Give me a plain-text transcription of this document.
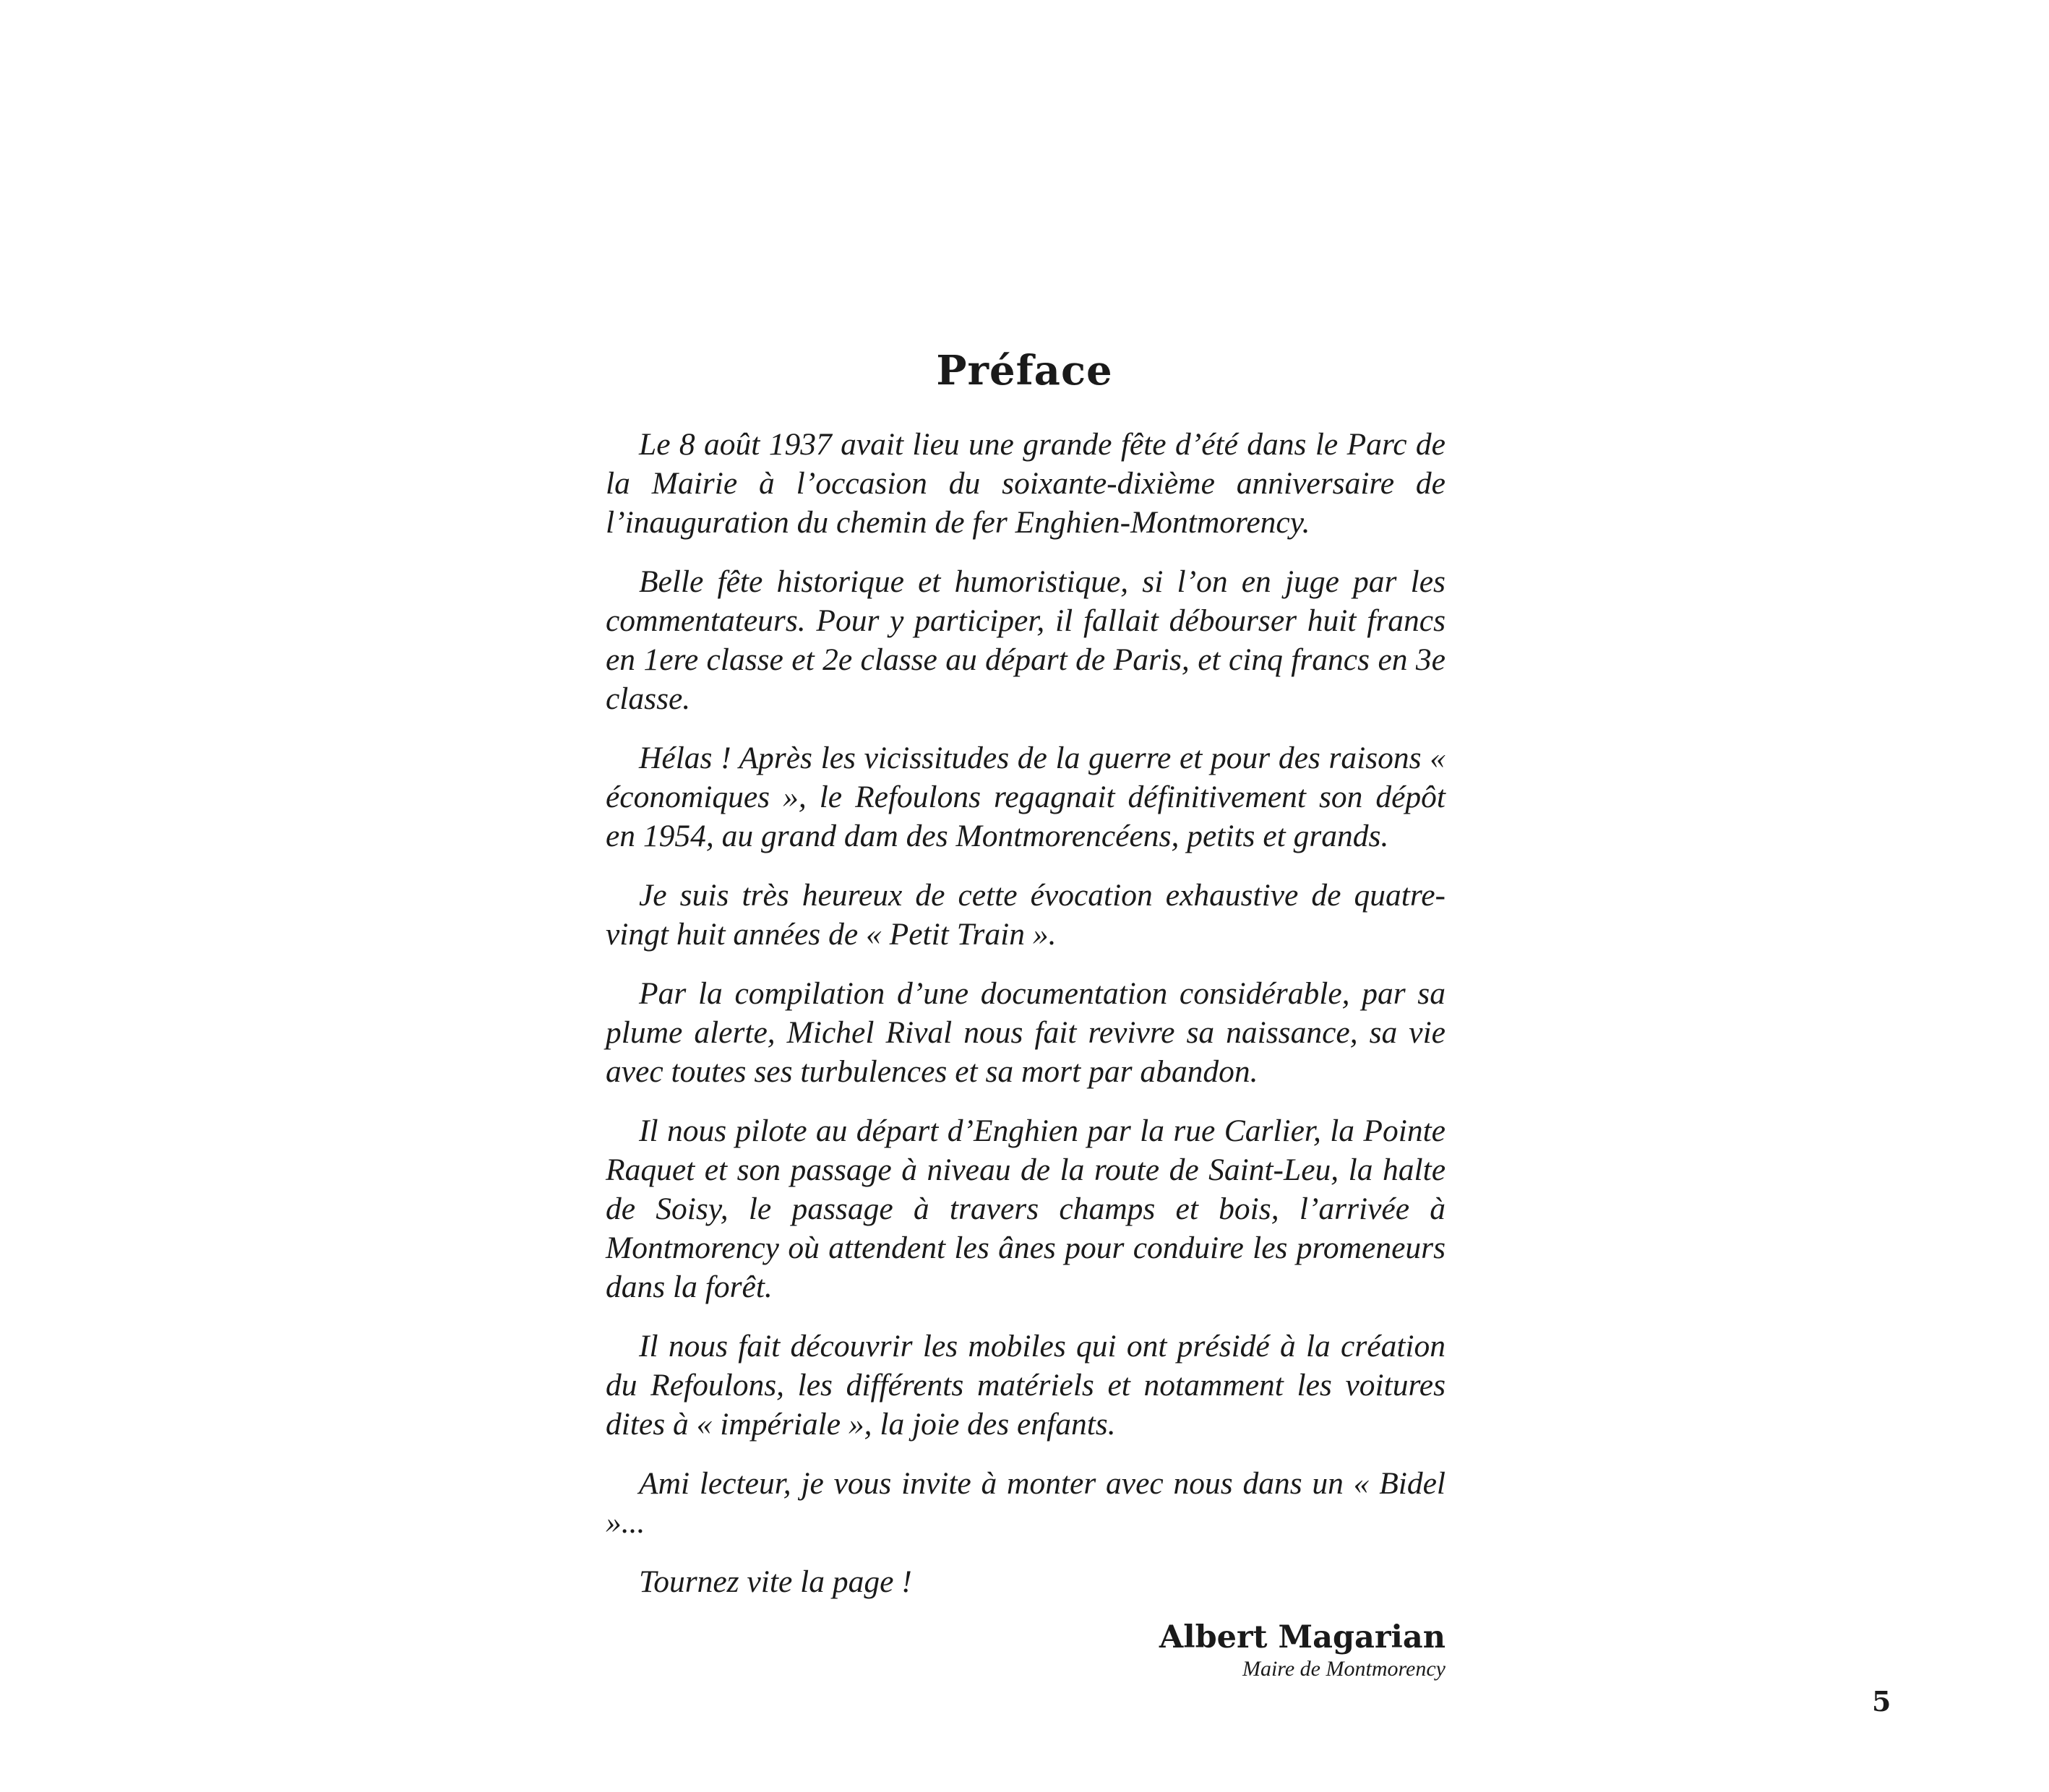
Préface

Le 8 août 1937 avait lieu une grande fête d’été dans le Parc de la Mairie à l’occasion du soixante-dixième anniversaire de l’inauguration du chemin de fer Enghien-Montmorency.

Belle fête historique et humoristique, si l’on en juge par les commentateurs. Pour y participer, il fallait débourser huit francs en 1ere classe et 2e classe au départ de Paris, et cinq francs en 3e classe.

Hélas ! Après les vicissitudes de la guerre et pour des raisons « économiques », le Refoulons regagnait définitivement son dépôt en 1954, au grand dam des Montmorencéens, petits et grands.

Je suis très heureux de cette évocation exhaustive de quatre-vingt huit années de « Petit Train ».

Par la compilation d’une documentation considérable, par sa plume alerte, Michel Rival nous fait revivre sa naissance, sa vie avec toutes ses turbulences et sa mort par abandon.

Il nous pilote au départ d’Enghien par la rue Carlier, la Pointe Raquet et son passage à niveau de la route de Saint-Leu, la halte de Soisy, le passage à travers champs et bois, l’arrivée à Montmorency où attendent les ânes pour conduire les promeneurs dans la forêt.

Il nous fait découvrir les mobiles qui ont présidé à la création du Refoulons, les différents matériels et notamment les voitures dites à « impériale », la joie des enfants.

Ami lecteur, je vous invite à monter avec nous dans un « Bidel »...

Tournez vite la page !

Albert Magarian

Maire de Montmorency

5
